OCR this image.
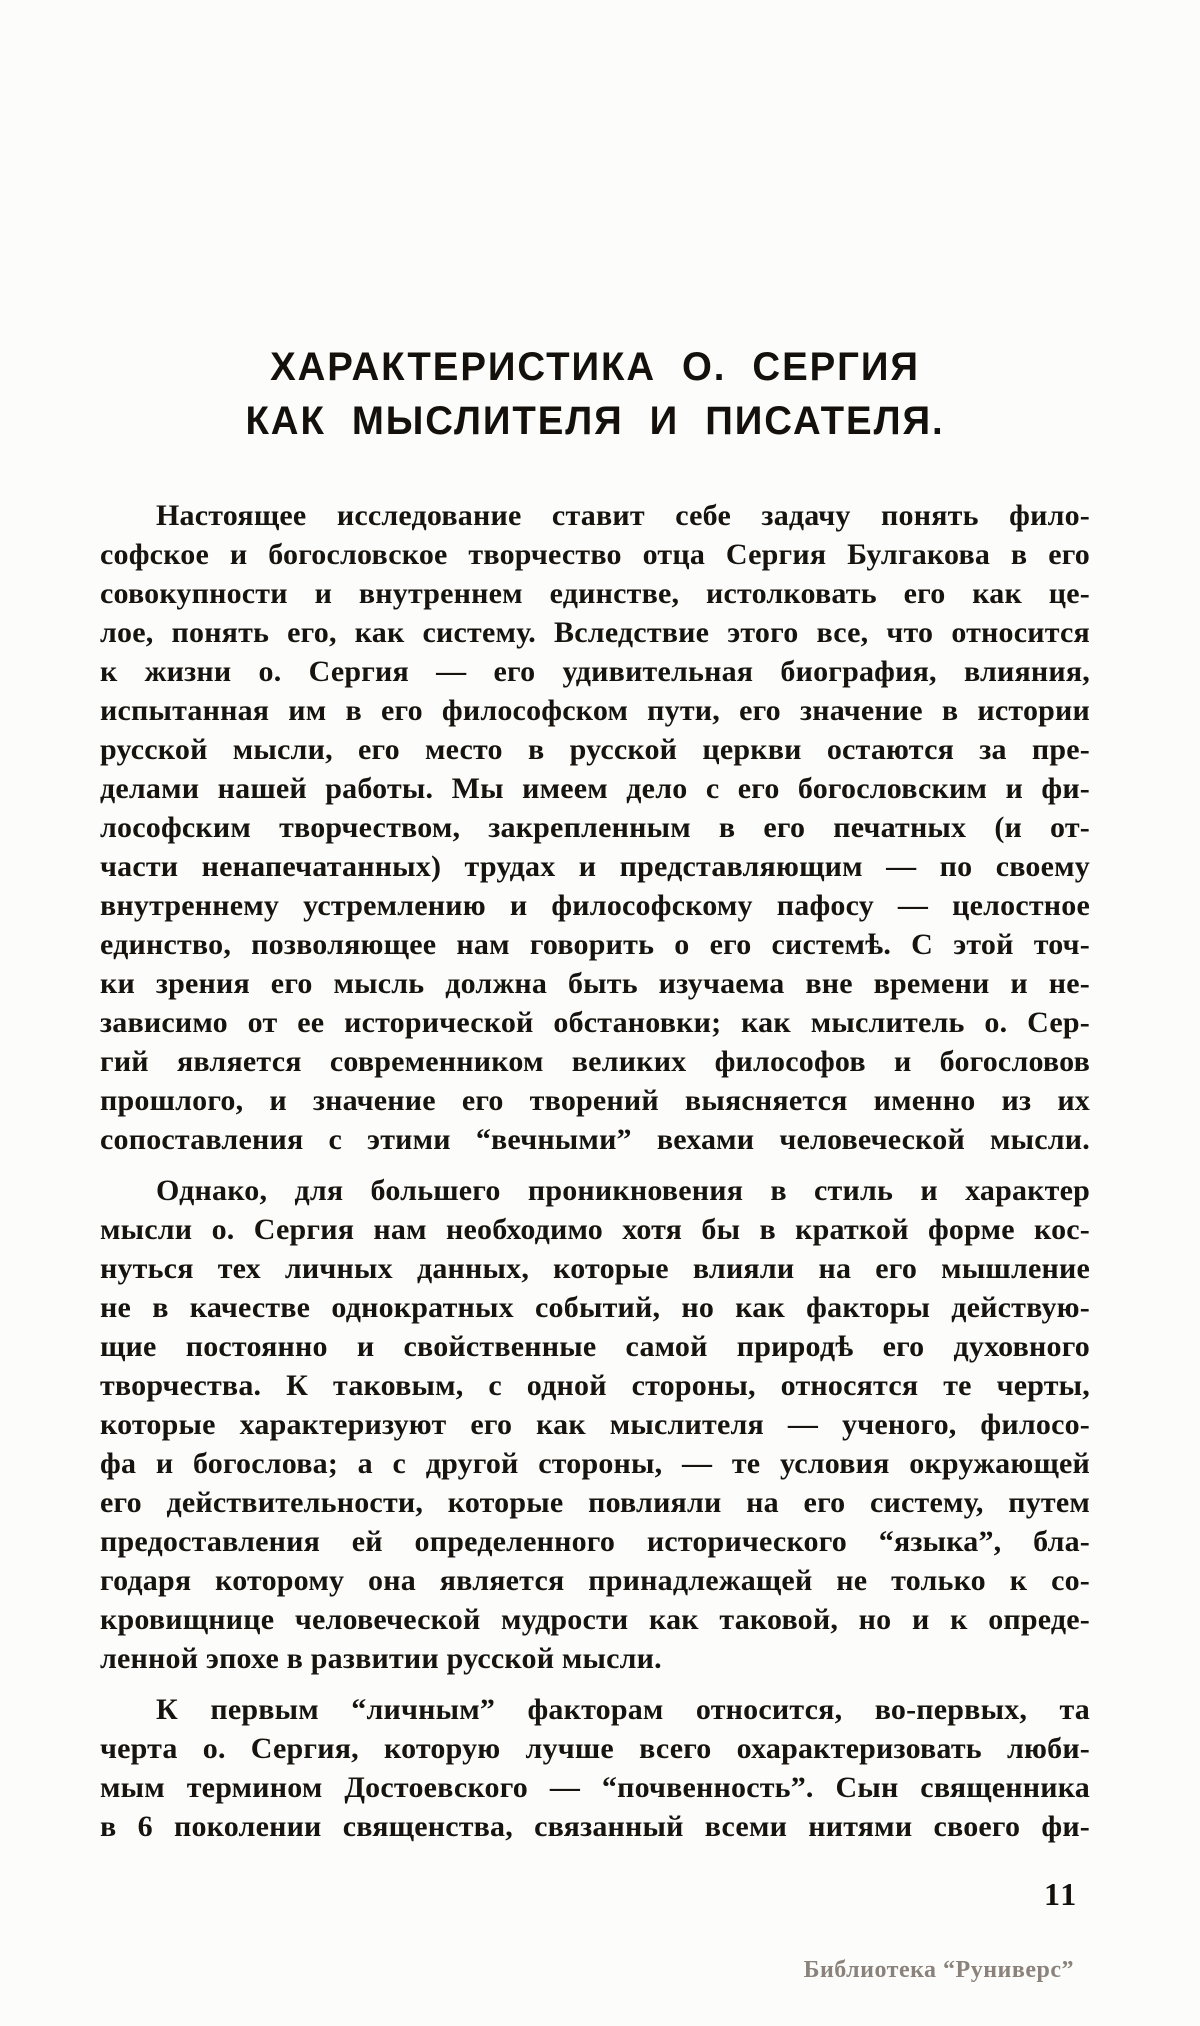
ХАРАКТЕРИСТИКА О. СЕРГИЯ
КАК МЫСЛИТЕЛЯ И ПИСАТЕЛЯ.
Настоящее исследование ставит себе задачу понять фило-
софское и богословское творчество отца Сергия Булгакова в его
совокупности и внутреннем единстве, истолковать его как це-
лое, понять его, как систему. Вследствие этого все, что относится
к жизни о. Сергия — его удивительная биография, влияния,
испытанная им в его философском пути, его значение в истории
русской мысли, его место в русской церкви остаются за пре-
делами нашей работы. Мы имеем дело с его богословским и фи-
лософским творчеством, закрепленным в его печатных (и от-
части ненапечатанных) трудах и представляющим — по своему
внутреннему устремлению и философскому пафосу — целостное
единство, позволяющее нам говорить о его системѣ. С этой точ-
ки зрения его мысль должна быть изучаема вне времени и не-
зависимо от ее исторической обстановки; как мыслитель о. Сер-
гий является современником великих философов и богословов
прошлого, и значение его творений выясняется именно из их
сопоставления с этими “вечными” вехами человеческой мысли.
Однако, для большего проникновения в стиль и характер
мысли о. Сергия нам необходимо хотя бы в краткой форме кос-
нуться тех личных данных, которые влияли на его мышление
не в качестве однократных событий, но как факторы действую-
щие постоянно и свойственные самой природѣ его духовного
творчества. К таковым, с одной стороны, относятся те черты,
которые характеризуют его как мыслителя — ученого, филосо-
фа и богослова; а с другой стороны, — те условия окружающей
его действительности, которые повлияли на его систему, путем
предоставления ей определенного исторического “языка”, бла-
годаря которому она является принадлежащей не только к со-
кровищнице человеческой мудрости как таковой, но и к опреде-
ленной эпохе в развитии русской мысли.
К первым “личным” факторам относится, во-первых, та
черта о. Сергия, которую лучше всего охарактеризовать люби-
мым термином Достоевского — “почвенность”. Сын священника
в 6 поколении священства, связанный всеми нитями своего фи-
11
Библиотека “Руниверс”
